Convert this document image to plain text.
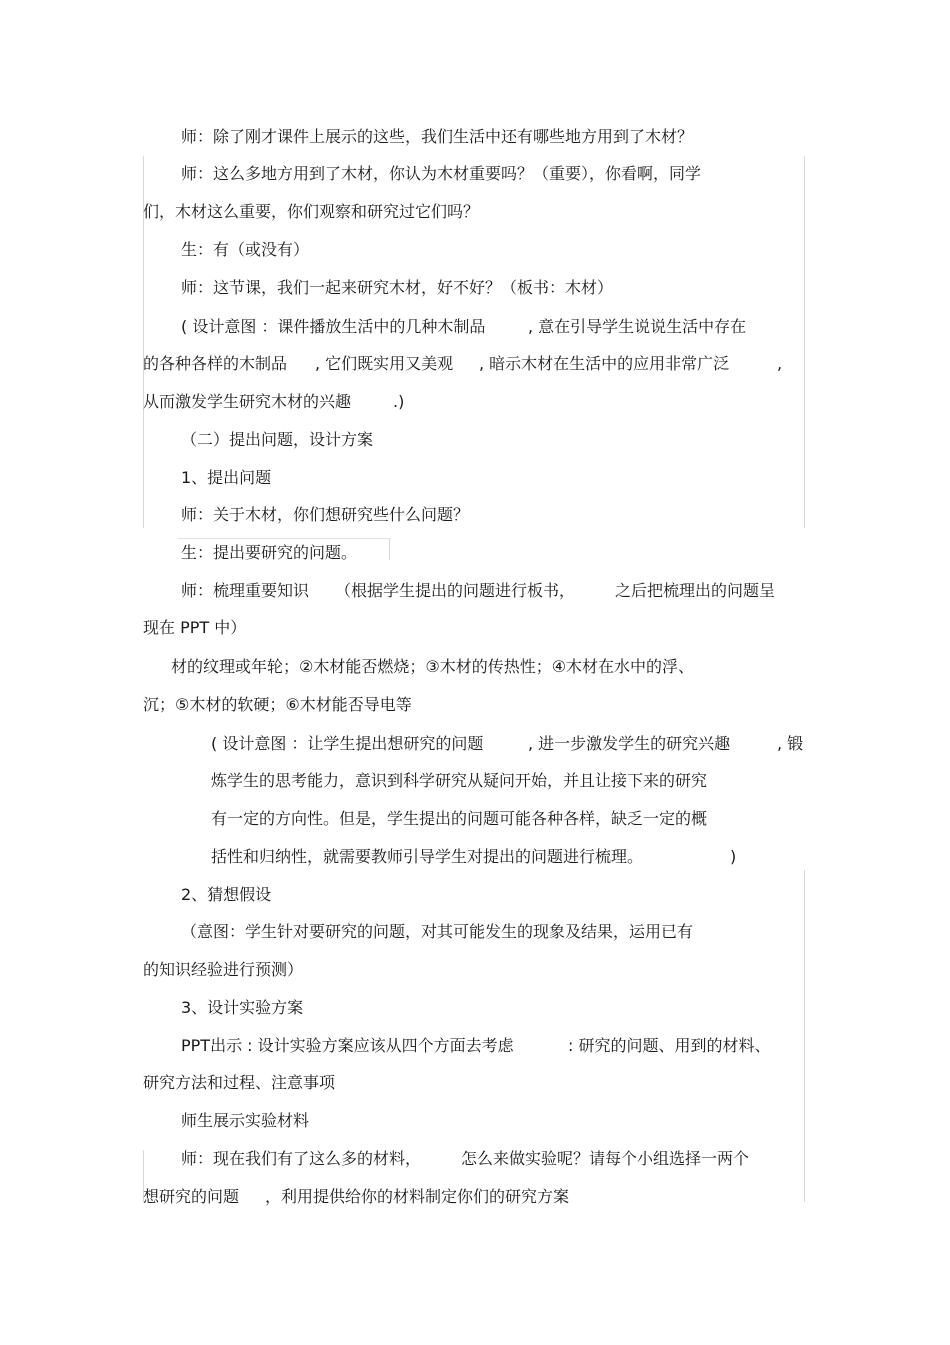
师：除了刚才课件上展示的这些，我们生活中还有哪些地方用到了木材？
师：这么多地方用到了木材，你认为木材重要吗？（重要），你看啊，同学
们，木材这么重要，你们观察和研究过它们吗？
生：有（或没有）
师：这节课，我们一起来研究木材，好不好？（板书：木材）
( 设计意图 ：课件播放生活中的几种木制品	, 意在引导学生说说生活中存在
的各种各样的木制品 , 它们既实用又美观 , 暗示木材在生活中的应用非常广泛	,
从而激发学生研究木材的兴趣	.)
（二）提出问题，设计方案
1、提出问题
师：关于木材，你们想研究些什么问题？
生：提出要研究的问题。
师：梳理重要知识 （根据学生提出的问题进行板书， 之后把梳理出的问题呈
现在 PPT 中）
材的纹理或年轮；②木材能否燃烧；③木材的传热性；④木材在水中的浮、
沉；⑤木材的软硬；⑥木材能否导电等
( 设计意图 ：让学生提出想研究的问题	, 进一步激发学生的研究兴趣	, 锻
炼学生的思考能力，意识到科学研究从疑问开始，并且让接下来的研究
有一定的方向性。但是，学生提出的问题可能各种各样，缺乏一定的概
括性和归纳性，就需要教师引导学生对提出的问题进行梳理。	)
2、猜想假设
（意图：学生针对要研究的问题，对其可能发生的现象及结果，运用已有
的知识经验进行预测）
3、设计实验方案
PPT出示 : 设计实验方案应该从四个方面去考虑	: 研究的问题、用到的材料、
研究方法和过程、注意事项
师生展示实验材料
师：现在我们有了这么多的材料， 怎么来做实验呢？请每个小组选择一两个
想研究的问题 ，利用提供给你的材料制定你们的研究方案
